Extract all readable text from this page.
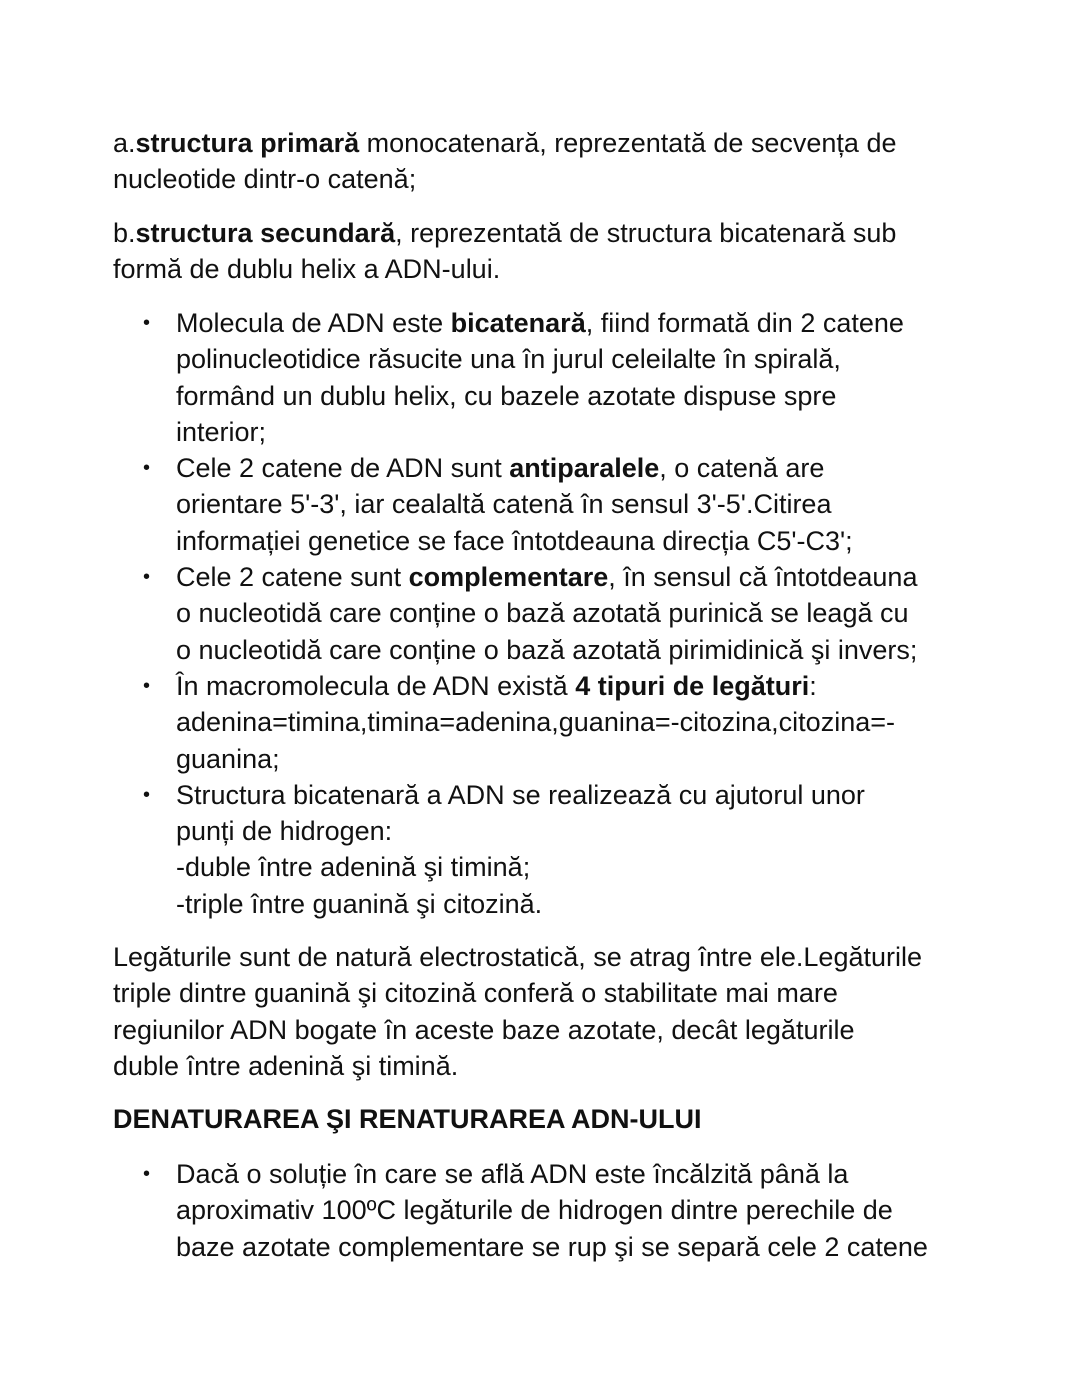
a.structura primară monocatenară, reprezentată de secvența de
nucleotide dintr-o catenă;
b.structura secundară, reprezentată de structura bicatenară sub
formă de dublu helix a ADN-ului.
• Molecula de ADN este bicatenară, fiind formată din 2 catene
polinucleotidice răsucite una în jurul celeilalte în spirală,
formând un dublu helix, cu bazele azotate dispuse spre
interior;
• Cele 2 catene de ADN sunt antiparalele, o catenă are
orientare 5'-3', iar cealaltă catenă în sensul 3'-5'.Citirea
informației genetice se face întotdeauna direcția C5'-C3';
• Cele 2 catene sunt complementare, în sensul că întotdeauna
o nucleotidă care conține o bază azotată purinică se leagă cu
o nucleotidă care conține o bază azotată pirimidinică şi invers;
• În macromolecula de ADN există 4 tipuri de legături:
adenina=timina,timina=adenina,guanina=-citozina,citozina=-
guanina;
• Structura bicatenară a ADN se realizează cu ajutorul unor
punți de hidrogen:
-duble între adenină şi timină;
-triple între guanină şi citozină.
Legăturile sunt de natură electrostatică, se atrag între ele.Legăturile
triple dintre guanină şi citozină conferă o stabilitate mai mare
regiunilor ADN bogate în aceste baze azotate, decât legăturile
duble între adenină şi timină.
DENATURAREA ŞI RENATURAREA ADN-ULUI
• Dacă o soluție în care se află ADN este încălzită până la
aproximativ 100ºC legăturile de hidrogen dintre perechile de
baze azotate complementare se rup şi se separă cele 2 catene
